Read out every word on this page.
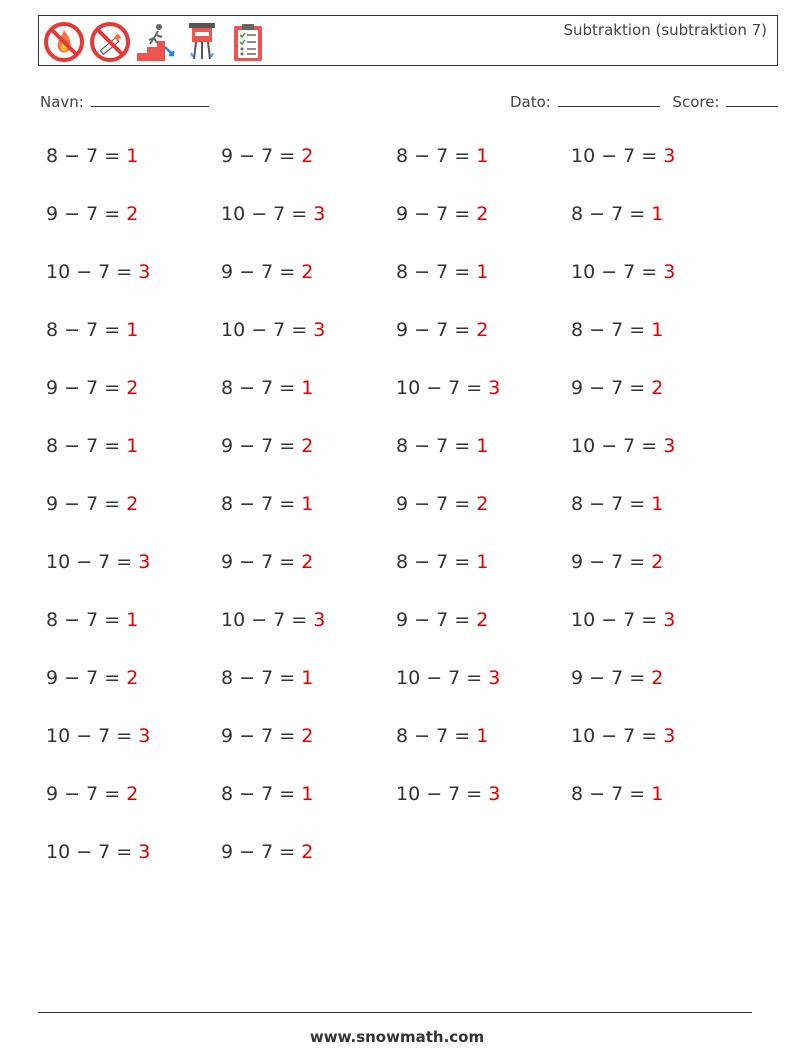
Subtraktion (subtraktion 7)
Navn:	Dato:	Score:
8 − 7 = 1	9 − 7 = 2	8 − 7 = 1	10 − 7 = 3
9 − 7 = 2	10 − 7 = 3	9 − 7 = 2	8 − 7 = 1
10 − 7 = 3	9 − 7 = 2	8 − 7 = 1	10 − 7 = 3
8 − 7 = 1	10 − 7 = 3	9 − 7 = 2	8 − 7 = 1
9 − 7 = 2	8 − 7 = 1	10 − 7 = 3	9 − 7 = 2
8 − 7 = 1	9 − 7 = 2	8 − 7 = 1	10 − 7 = 3
9 − 7 = 2	8 − 7 = 1	9 − 7 = 2	8 − 7 = 1
10 − 7 = 3	9 − 7 = 2	8 − 7 = 1	9 − 7 = 2
8 − 7 = 1	10 − 7 = 3	9 − 7 = 2	10 − 7 = 3
9 − 7 = 2	8 − 7 = 1	10 − 7 = 3	9 − 7 = 2
10 − 7 = 3	9 − 7 = 2	8 − 7 = 1	10 − 7 = 3
9 − 7 = 2	8 − 7 = 1	10 − 7 = 3	8 − 7 = 1
10 − 7 = 3	9 − 7 = 2
www.snowmath.com
